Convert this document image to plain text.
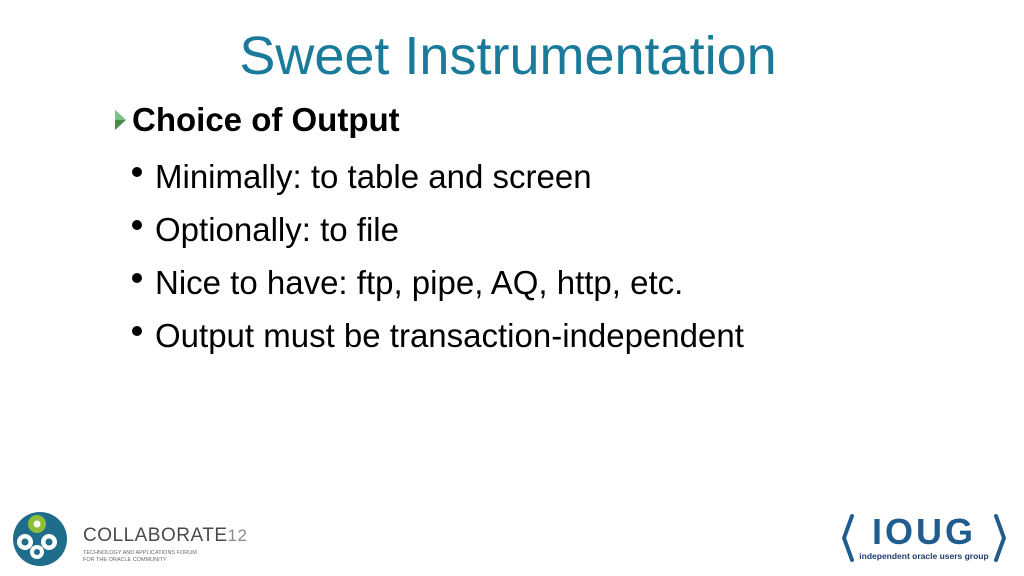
Sweet Instrumentation
Choice of Output
Minimally: to table and screen
Optionally: to file
Nice to have: ftp, pipe, AQ, http, etc.
Output must be transaction-independent
COLLABORATE12
TECHNOLOGY AND APPLICATIONS FORUM
FOR THE ORACLE COMMUNITY
IOUG
independent oracle users group
